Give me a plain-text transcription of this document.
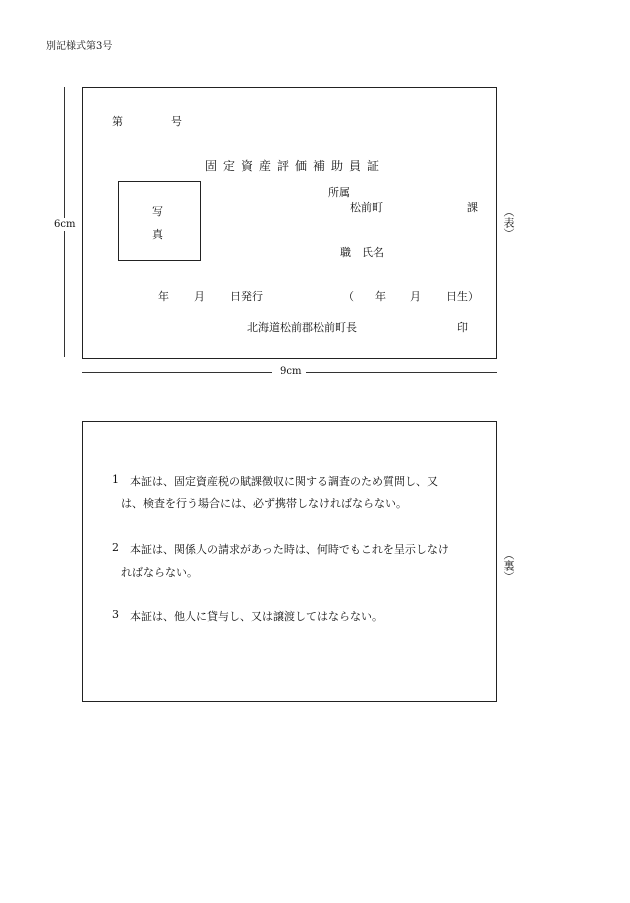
別記様式第3号
6cm
9cm
第	号
固定資産評価補助員証
写
真
所属
松前町	課
職　氏名
年 月 日発行	（ 年 月 日生）
北海道松前郡松前町長	印
（表）
1 本証は、固定資産税の賦課徴収に関する調査のため質問し、又
は、検査を行う場合には、必ず携帯しなければならない。
2 本証は、関係人の請求があった時は、何時でもこれを呈示しなけ
ればならない。
3 本証は、他人に貸与し、又は譲渡してはならない。
（裏）
